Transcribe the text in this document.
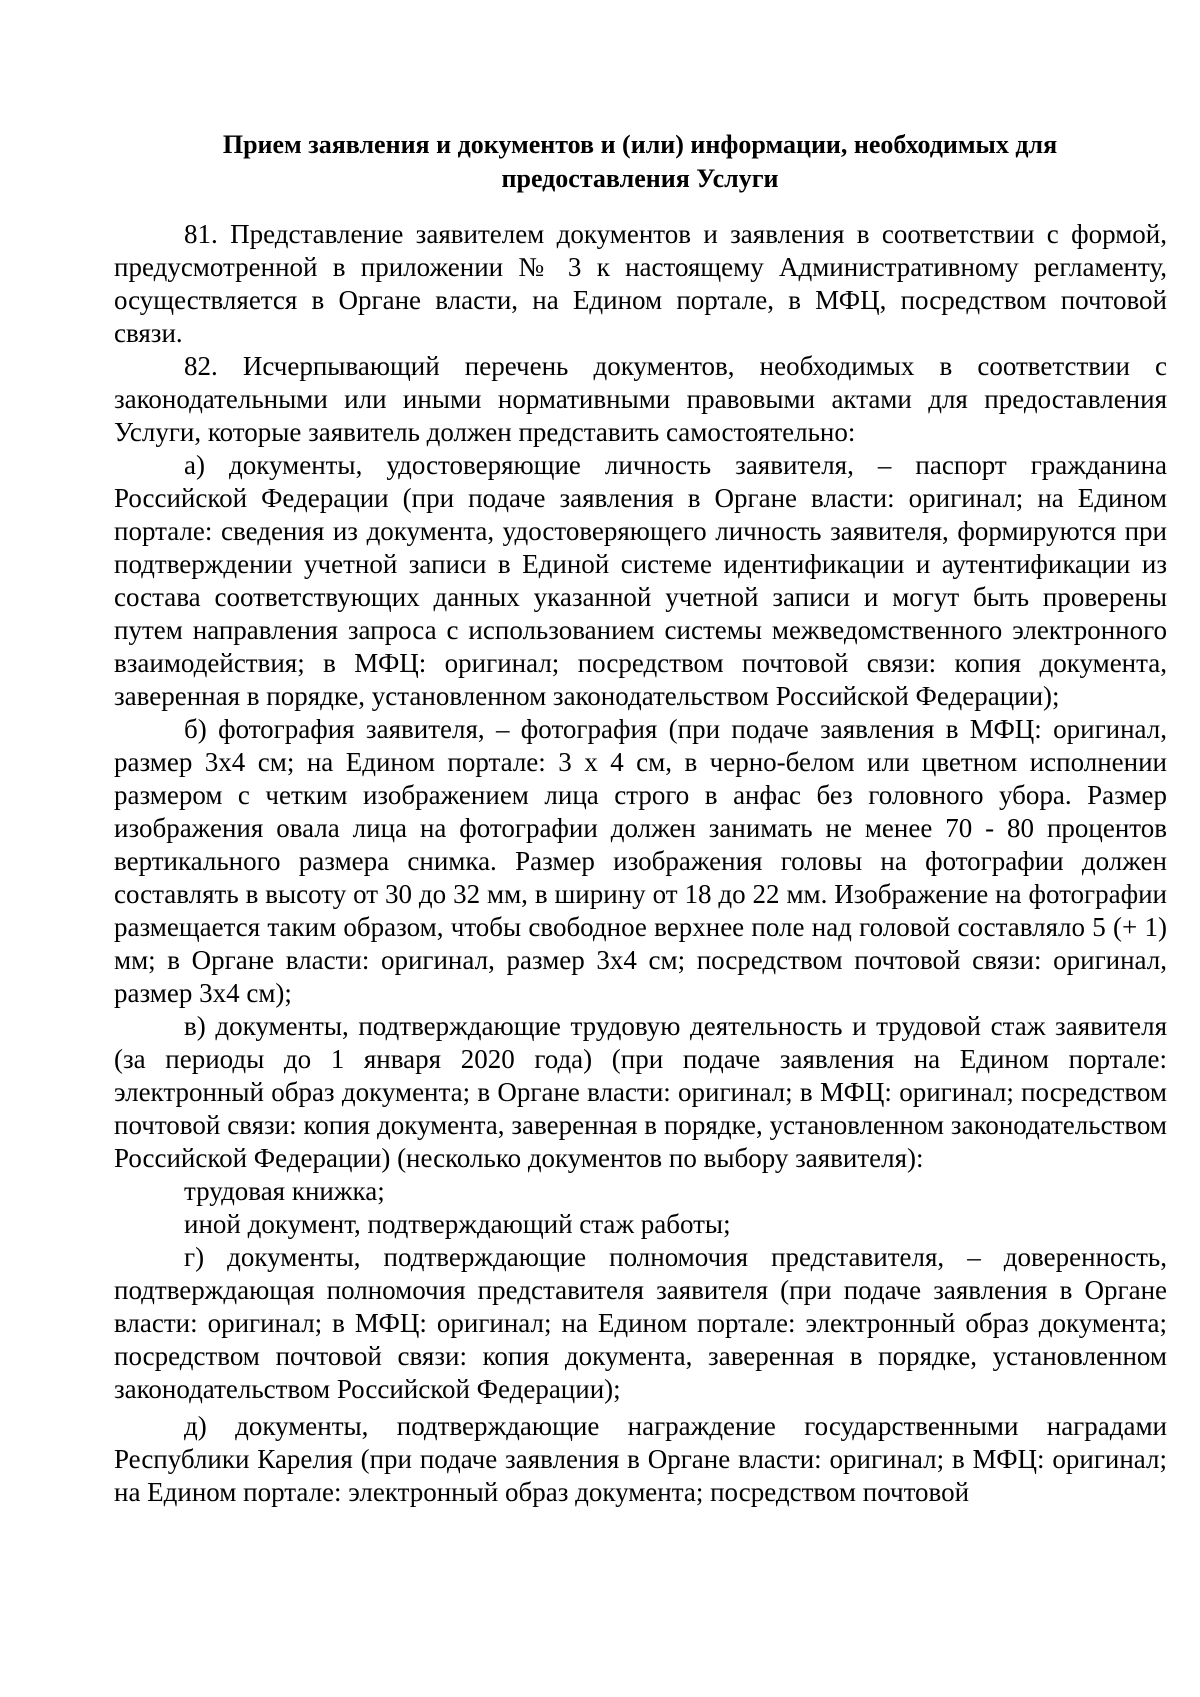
Прием заявления и документов и (или) информации, необходимых для
предоставления Услуги

81. Представление заявителем документов и заявления в соответствии с формой, предусмотренной в приложении № 3 к настоящему Административному регламенту, осуществляется в Органе власти, на Едином портале, в МФЦ, посредством почтовой связи.

82. Исчерпывающий перечень документов, необходимых в соответствии с законодательными или иными нормативными правовыми актами для предоставления Услуги, которые заявитель должен представить самостоятельно:

а) документы, удостоверяющие личность заявителя, – паспорт гражданина Российской Федерации (при подаче заявления в Органе власти: оригинал; на Едином портале: сведения из документа, удостоверяющего личность заявителя, формируются при подтверждении учетной записи в Единой системе идентификации и аутентификации из состава соответствующих данных указанной учетной записи и могут быть проверены путем направления запроса с использованием системы межведомственного электронного взаимодействия; в МФЦ: оригинал; посредством почтовой связи: копия документа, заверенная в порядке, установленном законодательством Российской Федерации);

б) фотография заявителя, – фотография (при подаче заявления в МФЦ: оригинал, размер 3х4 см; на Едином портале: 3 х 4 см, в черно-белом или цветном исполнении размером с четким изображением лица строго в анфас без головного убора. Размер изображения овала лица на фотографии должен занимать не менее 70 - 80 процентов вертикального размера снимка. Размер изображения головы на фотографии должен составлять в высоту от 30 до 32 мм, в ширину от 18 до 22 мм. Изображение на фотографии размещается таким образом, чтобы свободное верхнее поле над головой составляло 5 (+ 1) мм; в Органе власти: оригинал, размер 3х4 см; посредством почтовой связи: оригинал, размер 3х4 см);

в) документы, подтверждающие трудовую деятельность и трудовой стаж заявителя (за периоды до 1 января 2020 года) (при подаче заявления на Едином портале: электронный образ документа; в Органе власти: оригинал; в МФЦ: оригинал; посредством почтовой связи: копия документа, заверенная в порядке, установленном законодательством Российской Федерации) (несколько документов по выбору заявителя):

трудовая книжка;

иной документ, подтверждающий стаж работы;

г) документы, подтверждающие полномочия представителя, – доверенность, подтверждающая полномочия представителя заявителя (при подаче заявления в Органе власти: оригинал; в МФЦ: оригинал; на Едином портале: электронный образ документа; посредством почтовой связи: копия документа, заверенная в порядке, установленном законодательством Российской Федерации);

д) документы, подтверждающие награждение государственными наградами Республики Карелия (при подаче заявления в Органе власти: оригинал; в МФЦ: оригинал; на Едином портале: электронный образ документа; посредством почтовой
